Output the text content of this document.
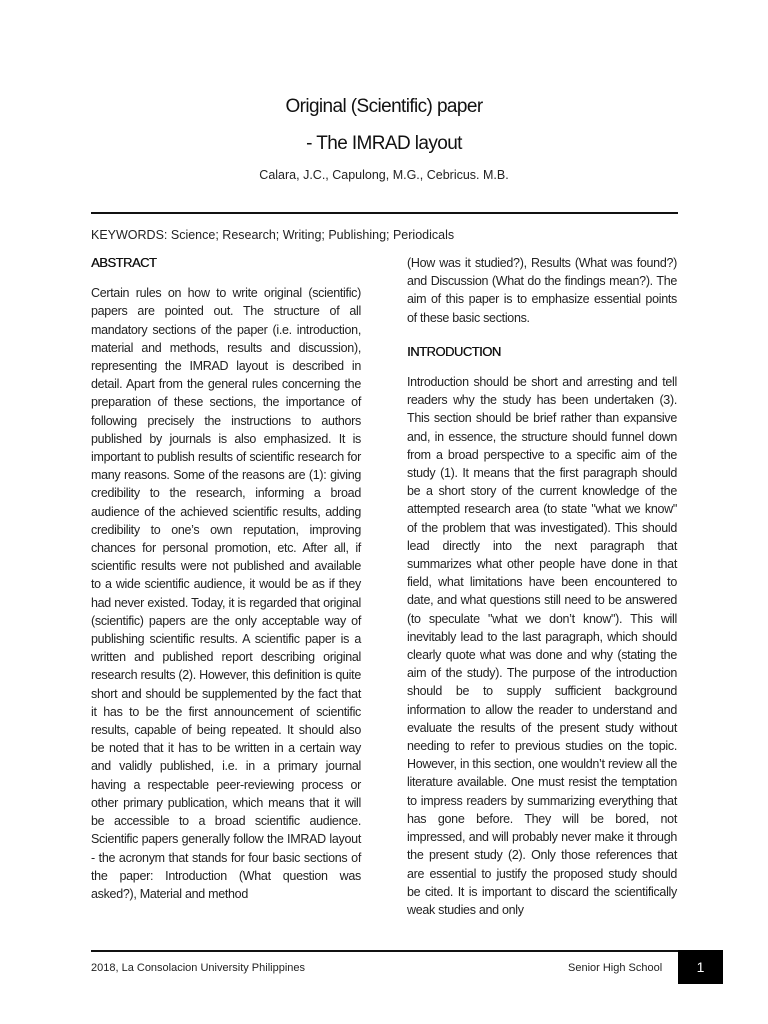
Original (Scientific) paper
- The IMRAD layout
Calara, J.C., Capulong, M.G., Cebricus. M.B.
KEYWORDS: Science; Research; Writing; Publishing; Periodicals
ABSTRACT

Certain rules on how to write original (scientific) papers are pointed out. The structure of all mandatory sections of the paper (i.e. introduction, material and methods, results and discussion), representing the IMRAD layout is described in detail. Apart from the general rules concerning the preparation of these sections, the importance of following precisely the instructions to authors published by journals is also emphasized. It is important to publish results of scientific research for many reasons. Some of the reasons are (1): giving credibility to the research, informing a broad audience of the achieved scientific results, adding credibility to one’s own reputation, improving chances for personal promotion, etc. After all, if scientific results were not published and available to a wide scientific audience, it would be as if they had never existed. Today, it is regarded that original (scientific) papers are the only acceptable way of publishing scientific results. A scientific paper is a written and published report describing original research results (2). However, this definition is quite short and should be supplemented by the fact that it has to be the first announcement of scientific results, capable of being repeated. It should also be noted that it has to be written in a certain way and validly published, i.e. in a primary journal having a respectable peer-reviewing process or other primary publication, which means that it will be accessible to a broad scientific audience. Scientific papers generally follow the IMRAD layout - the acronym that stands for four basic sections of the paper: Introduction (What question was asked?), Material and method

(How was it studied?), Results (What was found?) and Discussion (What do the findings mean?). The aim of this paper is to emphasize essential points of these basic sections.

INTRODUCTION

Introduction should be short and arresting and tell readers why the study has been undertaken (3). This section should be brief rather than expansive and, in essence, the structure should funnel down from a broad perspective to a specific aim of the study (1). It means that the first paragraph should be a short story of the current knowledge of the attempted research area (to state "what we know" of the problem that was investigated). This should lead directly into the next paragraph that summarizes what other people have done in that field, what limitations have been encountered to date, and what questions still need to be answered (to speculate "what we don’t know"). This will inevitably lead to the last paragraph, which should clearly quote what was done and why (stating the aim of the study). The purpose of the introduction should be to supply sufficient background information to allow the reader to understand and evaluate the results of the present study without needing to refer to previous studies on the topic. However, in this section, one wouldn’t review all the literature available. One must resist the temptation to impress readers by summarizing everything that has gone before. They will be bored, not impressed, and will probably never make it through the present study (2). Only those references that are essential to justify the proposed study should be cited. It is important to discard the scientifically weak studies and only

2018, La Consolacion University Philippines	Senior High School	1
